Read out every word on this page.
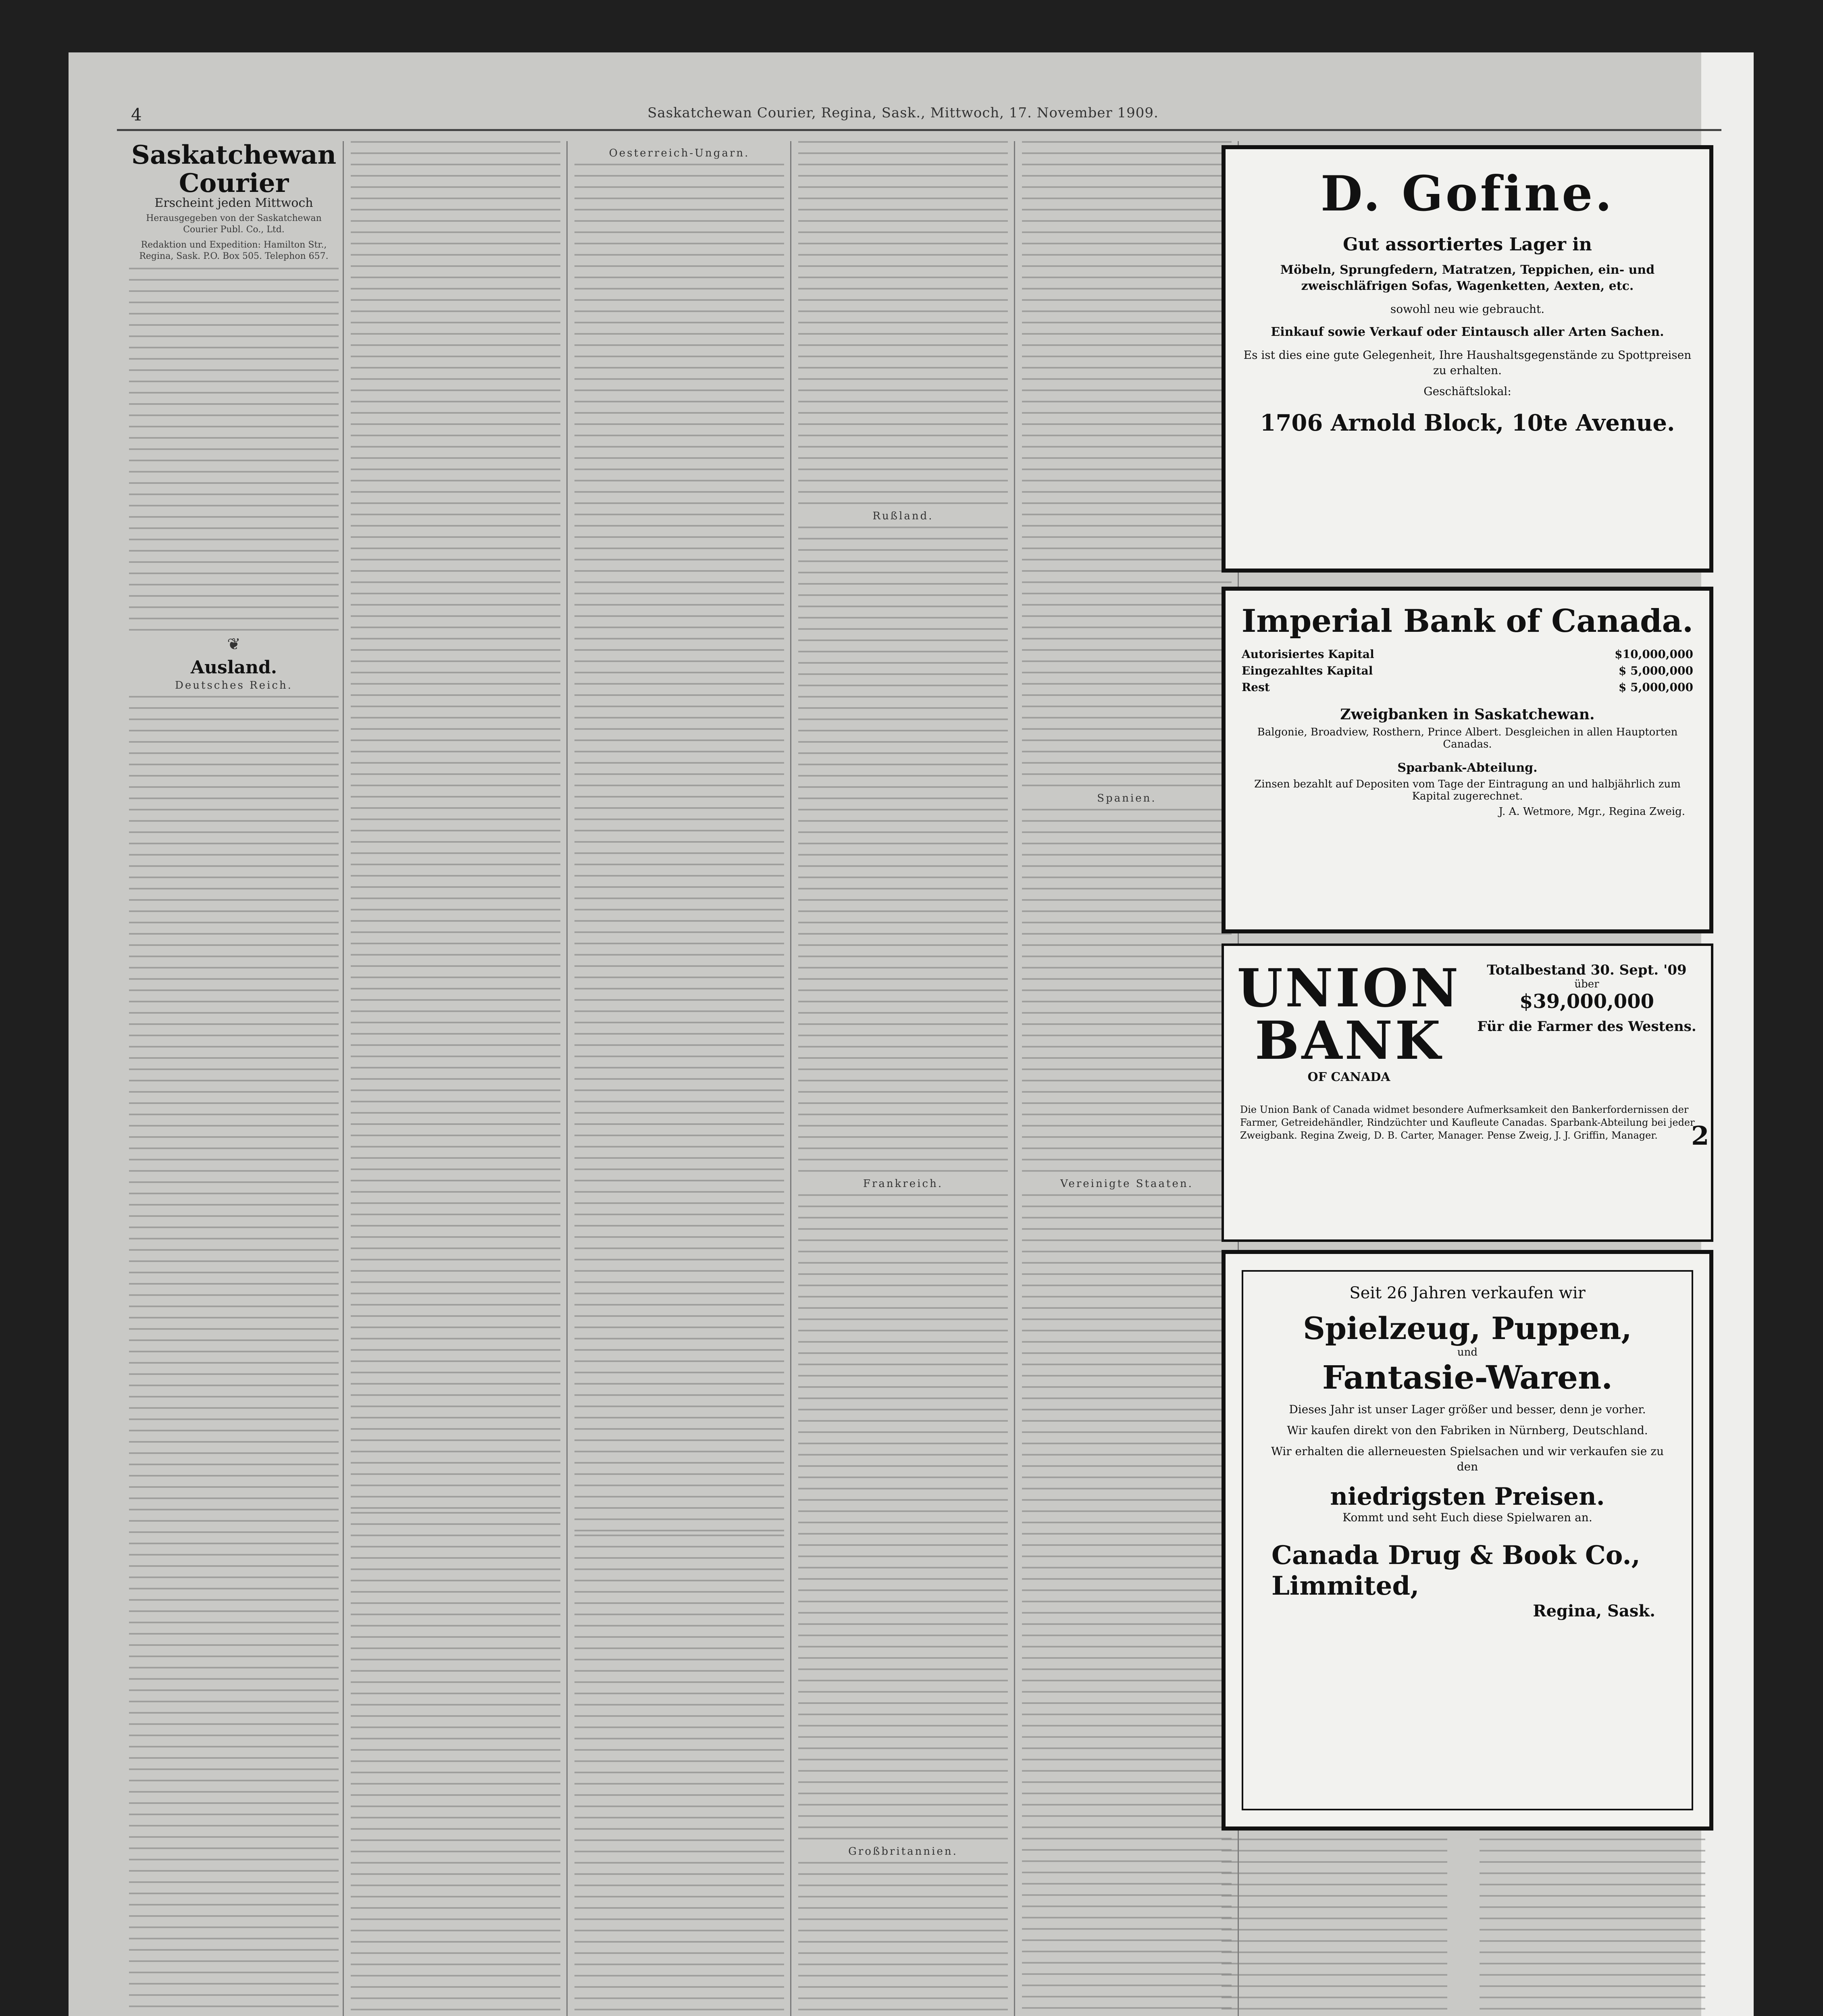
4	Saskatchewan Courier, Regina, Sask., Mittwoch, 17. November 1909.
Saskatchewan Courier
Erscheint jeden Mittwoch
Herausgegeben von der Saskatchewan Courier Publ. Co., Ltd.
Redaktion und Expedition: Hamilton Str., Regina, Sask. P.O. Box 505. Telephon 657.
❦
Ausland.
Deutsches Reich.
Oesterreich-Ungarn.
Rußland.
Frankreich.
Großbritannien.
Spanien.
Vereinigte Staaten.
D. Gofine.
Gut assortiertes Lager in
Möbeln, Sprungfedern, Matratzen, Teppichen, ein- und zweischläfrigen Sofas, Wagenketten, Aexten, etc.
sowohl neu wie gebraucht.
Einkauf sowie Verkauf oder Eintausch aller Arten Sachen.
Es ist dies eine gute Gelegenheit, Ihre Haushaltsgegenstände zu Spottpreisen zu erhalten.
Geschäftslokal:
1706 Arnold Block, 10te Avenue.
Imperial Bank of Canada.
Autorisiertes Kapital	$10,000,000
Eingezahltes Kapital	$ 5,000,000
Rest	$ 5,000,000
Zweigbanken in Saskatchewan.
Balgonie, Broadview, Rosthern, Prince Albert. Desgleichen in allen Hauptorten Canadas.
Sparbank-Abteilung.
Zinsen bezahlt auf Depositen vom Tage der Eintragung an und halbjährlich zum Kapital zugerechnet.
J. A. Wetmore, Mgr., Regina Zweig.
UNION
BANK
OF CANADA
Totalbestand 30. Sept. '09
über
$39,000,000
Für die Farmer des Westens.
Die Union Bank of Canada widmet besondere Aufmerksamkeit den Bankerfordernissen der Farmer, Getreidehändler, Rindzüchter und Kaufleute Canadas. Sparbank-Abteilung bei jeder Zweigbank. Regina Zweig, D. B. Carter, Manager. Pense Zweig, J. J. Griffin, Manager.
Seit 26 Jahren verkaufen wir
Spielzeug, Puppen,
und
Fantasie-Waren.
Dieses Jahr ist unser Lager größer und besser, denn je vorher.
Wir kaufen direkt von den Fabriken in Nürnberg, Deutschland.
Wir erhalten die allerneuesten Spielsachen und wir verkaufen sie zu den
niedrigsten Preisen.
Kommt und seht Euch diese Spielwaren an.
Canada Drug & Book Co., Limmited,
Regina, Sask.
2
